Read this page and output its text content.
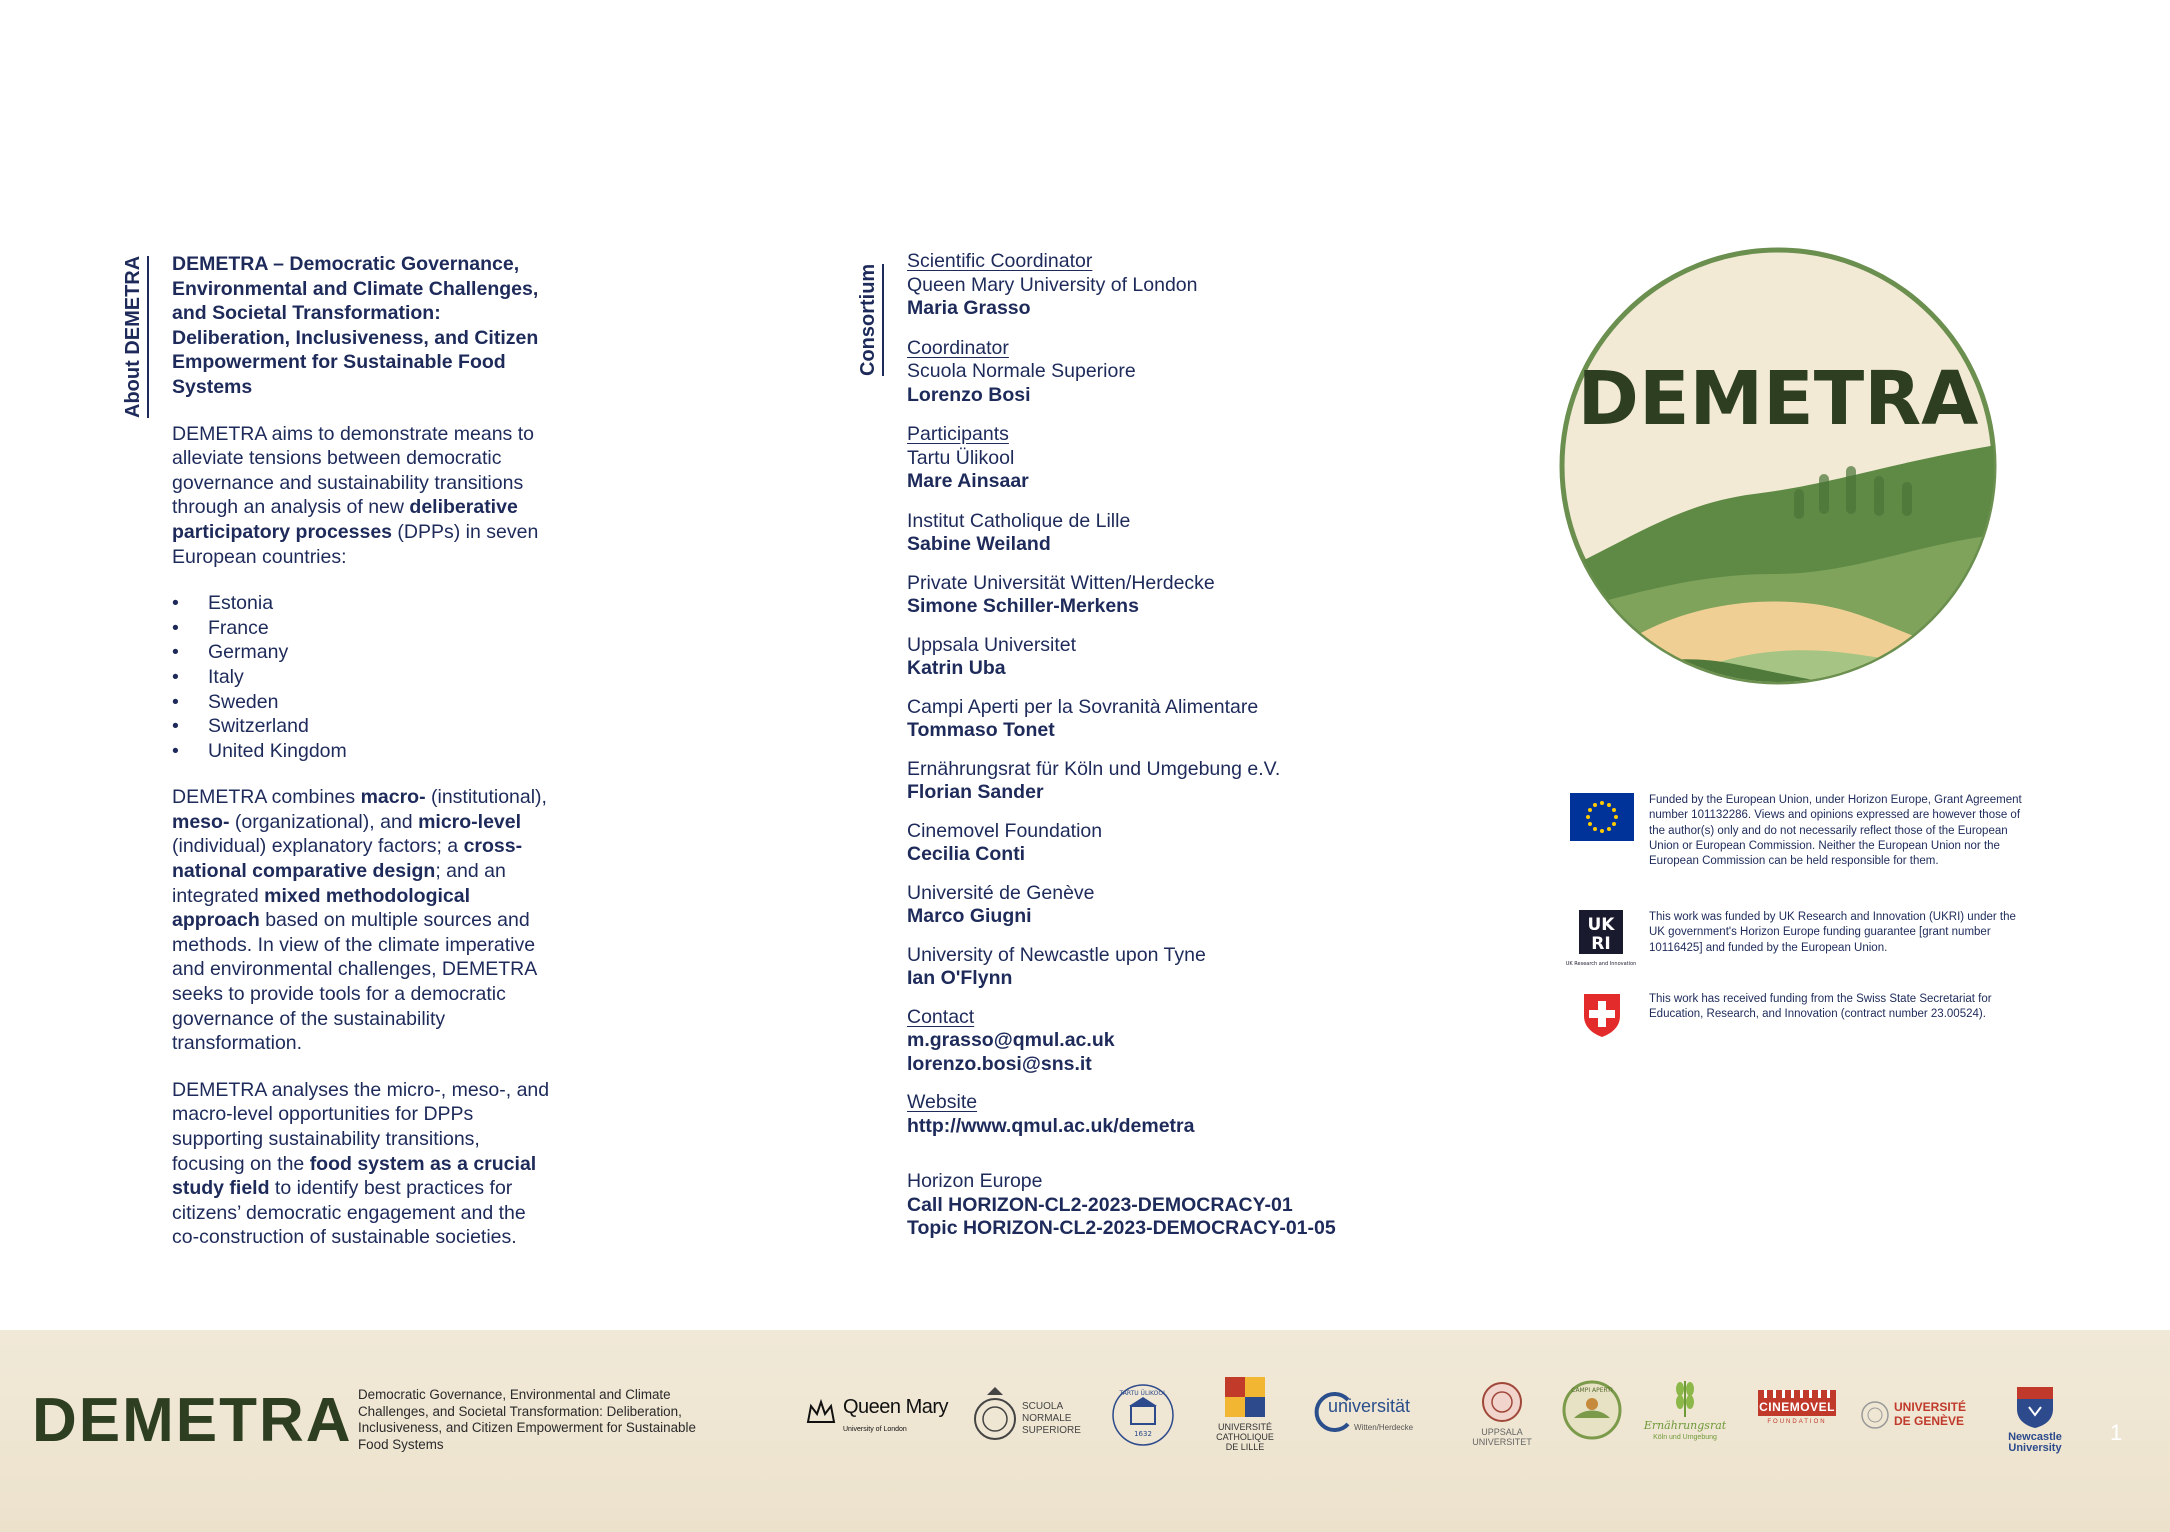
About DEMETRA DEMETRA – Democratic Governance, Environmental and Climate Challenges, and Societal Transformation: Deliberation, Inclusiveness, and Citizen Empowerment for Sustainable Food Systems

DEMETRA aims to demonstrate means to alleviate tensions between democratic governance and sustainability transitions through an analysis of new deliberative participatory processes (DPPs) in seven European countries:

• Estonia
• France
• Germany
• Italy
• Sweden
• Switzerland
• United Kingdom

DEMETRA combines macro- (institutional), meso- (organizational), and micro-level (individual) explanatory factors; a cross-national comparative design; and an integrated mixed methodological approach based on multiple sources and methods. In view of the climate imperative and environmental challenges, DEMETRA seeks to provide tools for a democratic governance of the sustainability transformation.

DEMETRA analyses the micro-, meso-, and macro-level opportunities for DPPs supporting sustainability transitions, focusing on the food system as a crucial study field to identify best practices for citizens’ democratic engagement and the co-construction of sustainable societies.

Consortium
Scientific Coordinator
Queen Mary University of London
Maria Grasso
Coordinator
Scuola Normale Superiore
Lorenzo Bosi
Participants
Tartu Ülikool
Mare Ainsaar
Institut Catholique de Lille
Sabine Weiland
Private Universität Witten/Herdecke
Simone Schiller-Merkens
Uppsala Universitet
Katrin Uba
Campi Aperti per la Sovranità Alimentare
Tommaso Tonet
Ernährungsrat für Köln und Umgebung e.V.
Florian Sander
Cinemovel Foundation
Cecilia Conti
Université de Genève
Marco Giugni
University of Newcastle upon Tyne
Ian O'Flynn
Contact
m.grasso@qmul.ac.uk
lorenzo.bosi@sns.it
Website
http://www.qmul.ac.uk/demetra
Horizon Europe
Call HORIZON-CL2-2023-DEMOCRACY-01
Topic HORIZON-CL2-2023-DEMOCRACY-01-05
DEMETRA
Funded by the European Union, under Horizon Europe, Grant Agreement number 101132286. Views and opinions expressed are however those of the author(s) only and do not necessarily reflect those of the European Union or European Commission. Neither the European Union nor the European Commission can be held responsible for them.
UK
RI
UK Research and Innovation
This work was funded by UK Research and Innovation (UKRI) under the UK government's Horizon Europe funding guarantee [grant number 10116425] and funded by the European Union.
This work has received funding from the Swiss State Secretariat for Education, Research, and Innovation (contract number 23.00524).
DEMETRA Democratic Governance, Environmental and Climate Challenges, and Societal Transformation: Deliberation, Inclusiveness, and Citizen Empowerment for Sustainable Food Systems
Queen Mary
University of London
SCUOLA NORMALE SUPERIORE
TARTU ÜLIKOOL
1632
UNIVERSITÉ CATHOLIQUE DE LILLE
universität
Witten/Herdecke	UPPSALA UNIVERSITET
CAMPI APERTI
Ernährungsrat
Köln und Umgebung
CINEMOVEL
FOUNDATION
UNIVERSITÉ DE GENÈVE
Newcastle University
1
